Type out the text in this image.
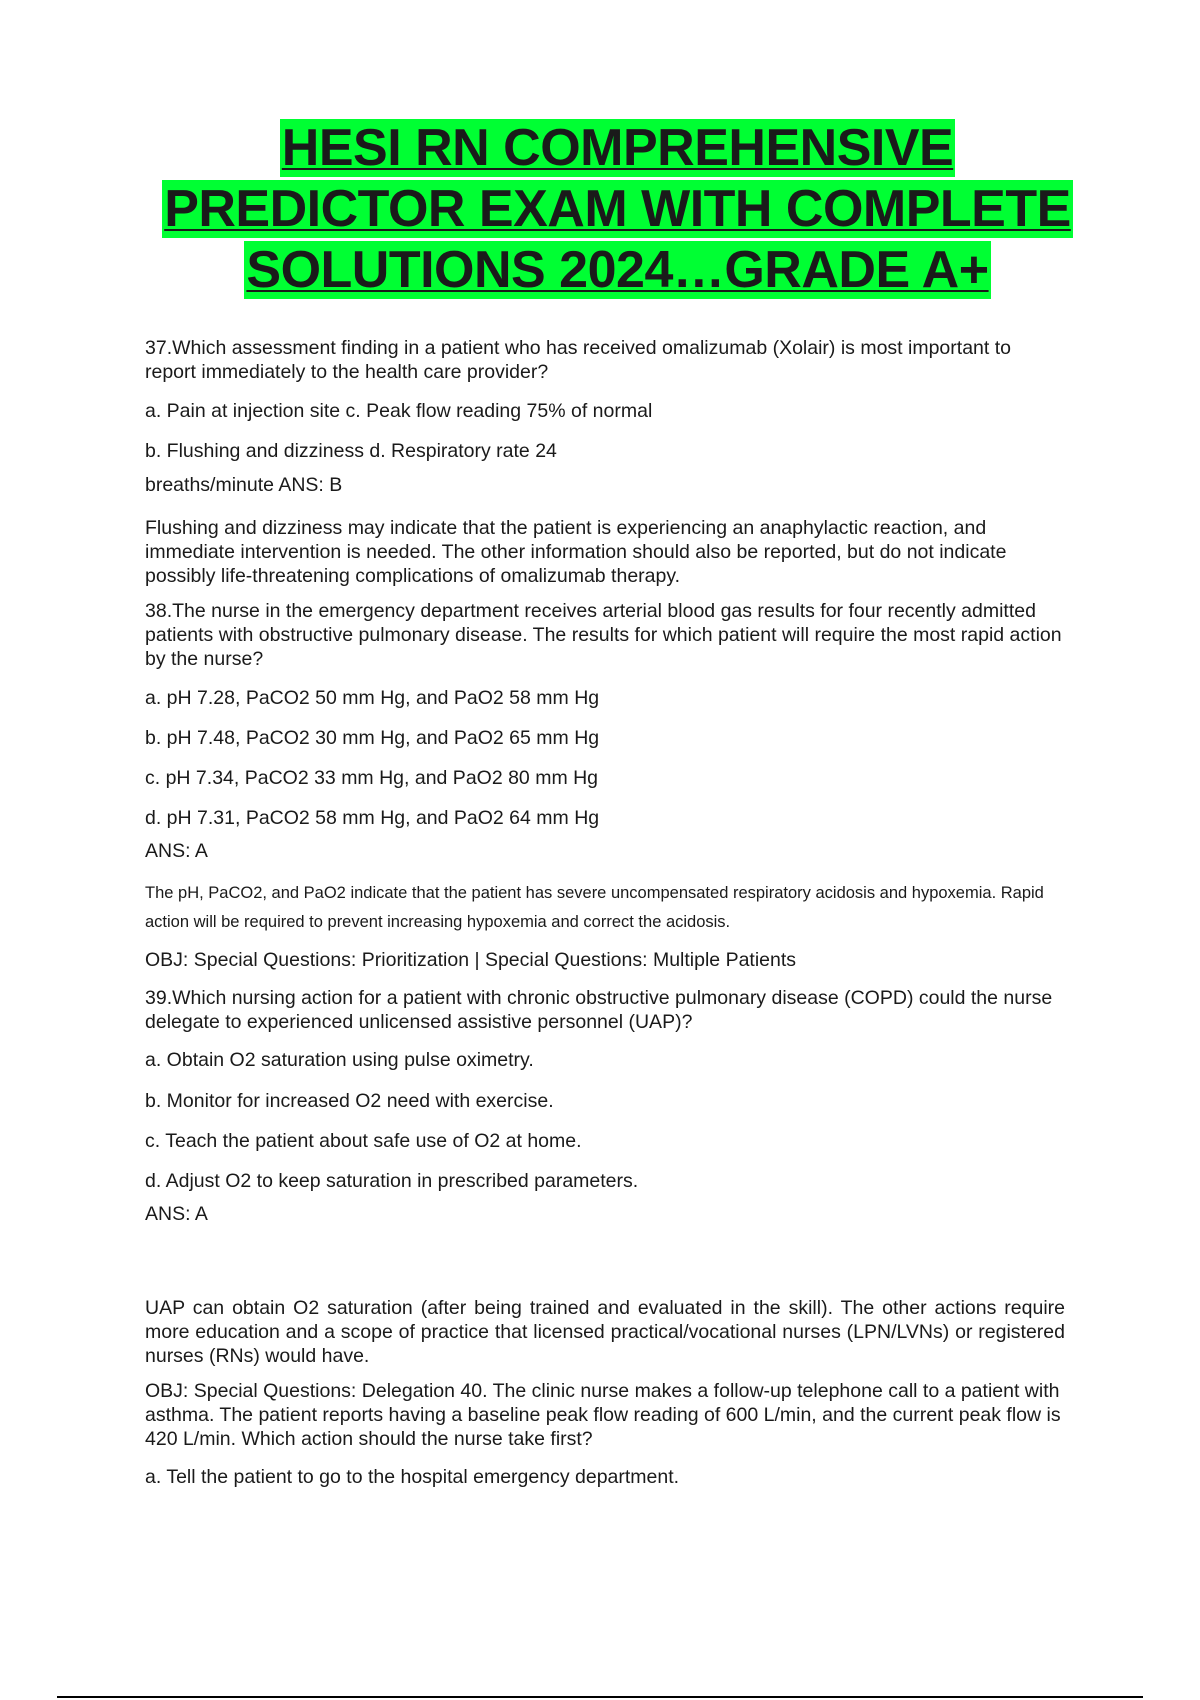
HESI RN COMPREHENSIVE
PREDICTOR EXAM WITH COMPLETE
SOLUTIONS 2024…GRADE A+

37.Which assessment finding in a patient who has received omalizumab (Xolair) is most important to report immediately to the health care provider?

a. Pain at injection site c. Peak flow reading 75% of normal

b. Flushing and dizziness d. Respiratory rate 24

breaths/minute ANS: B

Flushing and dizziness may indicate that the patient is experiencing an anaphylactic reaction, and immediate intervention is needed. The other information should also be reported, but do not indicate possibly life-threatening complications of omalizumab therapy.

38.The nurse in the emergency department receives arterial blood gas results for four recently admitted patients with obstructive pulmonary disease. The results for which patient will require the most rapid action by the nurse?

a. pH 7.28, PaCO2 50 mm Hg, and PaO2 58 mm Hg

b. pH 7.48, PaCO2 30 mm Hg, and PaO2 65 mm Hg

c. pH 7.34, PaCO2 33 mm Hg, and PaO2 80 mm Hg

d. pH 7.31, PaCO2 58 mm Hg, and PaO2 64 mm Hg

ANS: A

The pH, PaCO2, and PaO2 indicate that the patient has severe uncompensated respiratory acidosis and hypoxemia. Rapid action will be required to prevent increasing hypoxemia and correct the acidosis.

OBJ: Special Questions: Prioritization | Special Questions: Multiple Patients

39.Which nursing action for a patient with chronic obstructive pulmonary disease (COPD) could the nurse delegate to experienced unlicensed assistive personnel (UAP)?

a. Obtain O2 saturation using pulse oximetry.

b. Monitor for increased O2 need with exercise.

c. Teach the patient about safe use of O2 at home.

d. Adjust O2 to keep saturation in prescribed parameters.

ANS: A

UAP can obtain O2 saturation (after being trained and evaluated in the skill). The other actions require more education and a scope of practice that licensed practical/vocational nurses (LPN/LVNs) or registered nurses (RNs) would have.

OBJ: Special Questions: Delegation 40. The clinic nurse makes a follow-up telephone call to a patient with asthma. The patient reports having a baseline peak flow reading of 600 L/min, and the current peak flow is 420 L/min. Which action should the nurse take first?

a. Tell the patient to go to the hospital emergency department.
